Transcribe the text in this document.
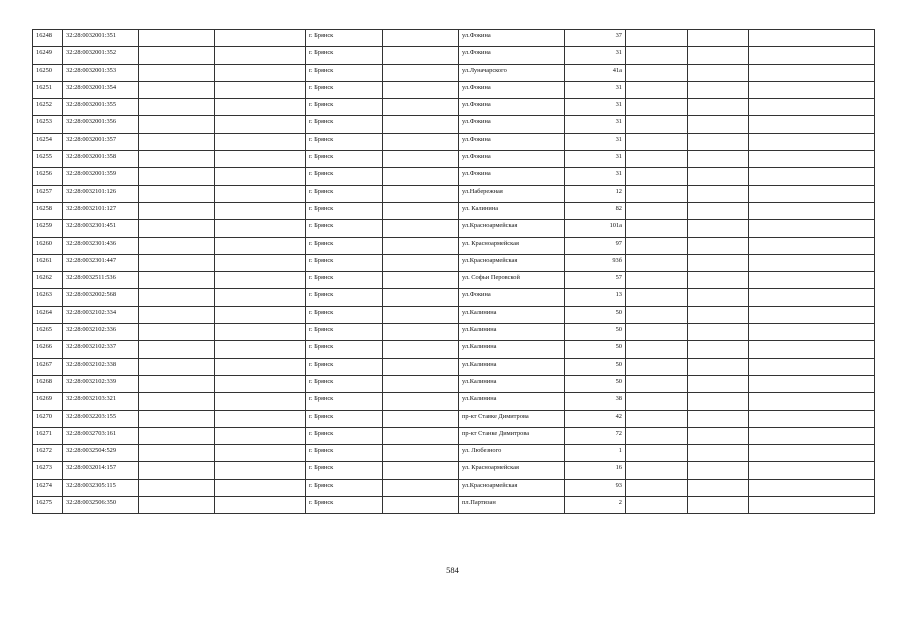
16248	32:28:0032001:351			г. Брянск		ул.Фокина	37			
16249	32:28:0032001:352			г. Брянск		ул.Фокина	31			
16250	32:28:0032001:353			г. Брянск		ул.Луначарского	41а			
16251	32:28:0032001:354			г. Брянск		ул.Фокина	31			
16252	32:28:0032001:355			г. Брянск		ул.Фокина	31			
16253	32:28:0032001:356			г. Брянск		ул.Фокина	31			
16254	32:28:0032001:357			г. Брянск		ул.Фокина	31			
16255	32:28:0032001:358			г. Брянск		ул.Фокина	31			
16256	32:28:0032001:359			г. Брянск		ул.Фокина	31			
16257	32:28:0032101:126			г. Брянск		ул.Набережная	12			
16258	32:28:0032101:127			г. Брянск		ул. Калинина	82			
16259	32:28:0032301:451			г. Брянск		ул.Красноармейская	101а			
16260	32:28:0032301:436			г. Брянск		ул. Красноармейская	97			
16261	32:28:0032301:447			г. Брянск		ул.Красноармейская	93б			
16262	32:28:0032511:536			г. Брянск		ул. Софьи Перовской	57			
16263	32:28:0032002:568			г. Брянск		ул.Фокина	13			
16264	32:28:0032102:334			г. Брянск		ул.Калинина	50			
16265	32:28:0032102:336			г. Брянск		ул.Калинина	50			
16266	32:28:0032102:337			г. Брянск		ул.Калинина	50			
16267	32:28:0032102:338			г. Брянск		ул.Калинина	50			
16268	32:28:0032102:339			г. Брянск		ул.Калинина	50			
16269	32:28:0032103:321			г. Брянск		ул.Калинина	38			
16270	32:28:0032203:155			г. Брянск		пр-кт Ставке Димитрова	42			
16271	32:28:0032703:161			г. Брянск		пр-кт Станке Димитрова	72			
16272	32:28:0032504:529			г. Брянск		ул. Любезного	1			
16273	32:28:0032014:157			г. Брянск		ул. Красноармейская	16			
16274	32:28:0032305:115			г. Брянск		ул.Красноармейская	93			
16275	32:28:0032506:350			г. Брянск		пл.Партизан	2			
584
